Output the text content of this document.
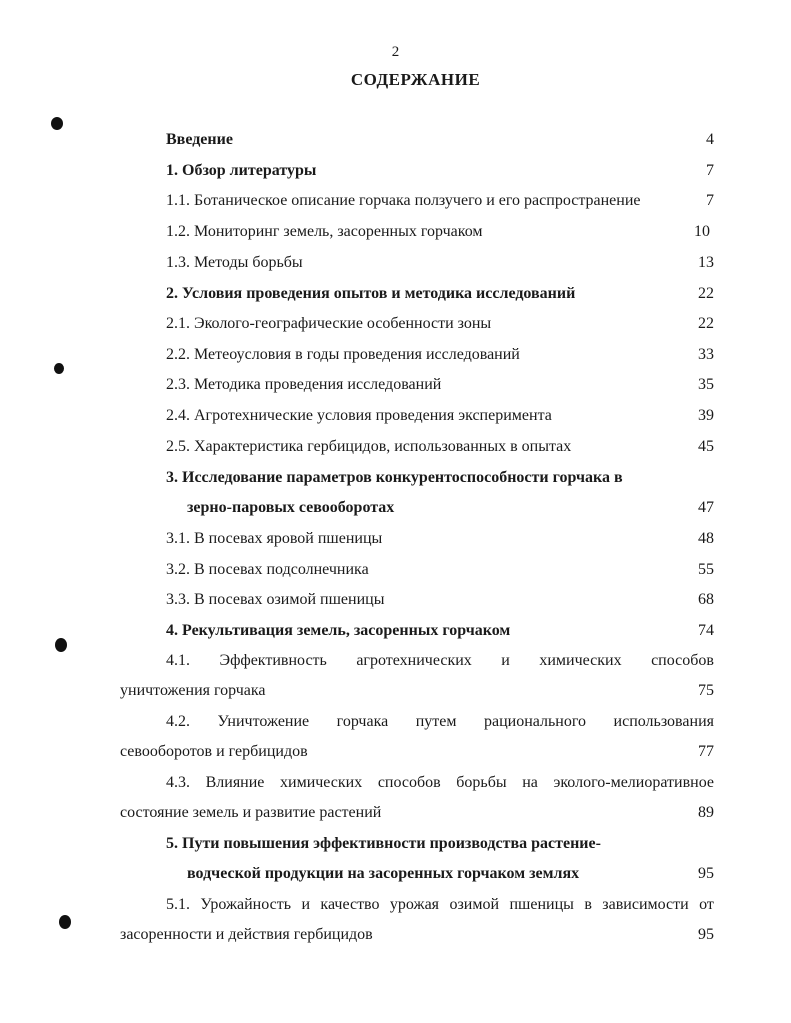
2
СОДЕРЖАНИЕ
Введение	4
1. Обзор литературы	7
1.1. Ботаническое описание горчака ползучего и его распространение	7
1.2. Мониторинг земель, засоренных горчаком	10
1.3. Методы борьбы	13
2. Условия проведения опытов и методика исследований	22
2.1. Эколого-географические особенности зоны	22
2.2. Метеоусловия в годы проведения исследований	33
2.3. Методика проведения исследований	35
2.4. Агротехнические условия проведения эксперимента	39
2.5. Характеристика гербицидов, использованных в опытах	45
3. Исследование параметров конкурентоспособности горчака в
зерно-паровых севооборотах	47
3.1. В посевах яровой пшеницы	48
3.2. В посевах подсолнечника	55
3.3. В посевах озимой пшеницы	68
4. Рекультивация земель, засоренных горчаком	74
4.1. Эффективность агротехнических и химических способов
уничтожения горчака	75
4.2. Уничтожение горчака путем рационального использования
севооборотов и гербицидов	77
4.3. Влияние химических способов борьбы на эколого-мелиоративное
состояние земель и развитие растений	89
5. Пути повышения эффективности производства растение-
водческой продукции на засоренных горчаком землях	95
5.1. Урожайность и качество урожая озимой пшеницы в зависимости от
засоренности и действия гербицидов	95
